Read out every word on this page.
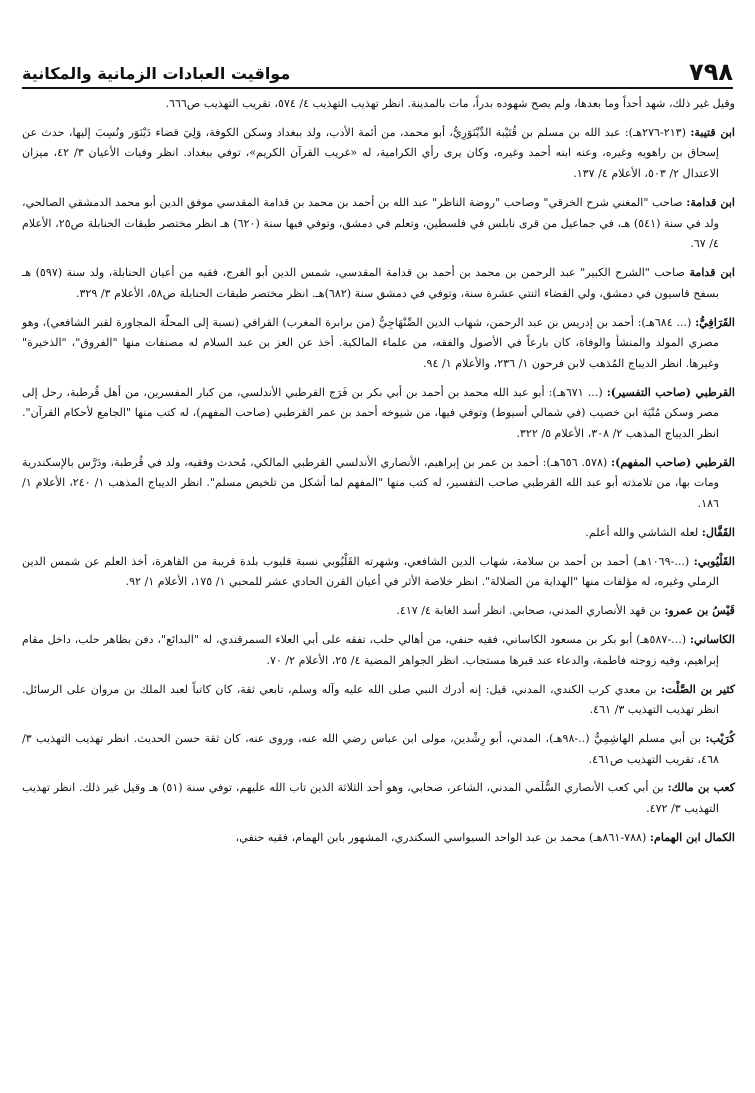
٧٩٨
مواقيت العبادات الزمانية والمكانية

وقيل غير ذلك، شهد أحداً وما بعدها، ولم يصح شهوده بدراً، مات بالمدينة. انظر تهذيب التهذيب ٤/ ٥٧٤، تقريب التهذيب ص٦٦٦.

ابن قتيبة: (٢١٣-٢٧٦هـ): عبد الله بن مسلم بن قُتَيْبة الدِّيْنَوَرِيُّ، أبو محمد، من أئمة الأدب، ولد ببغداد وسكن الكوفة، وَلِيَ قضاء دَيْنَوَر ونُسِبَ إليها، حدث عن إسحاق بن راهويه وغيره، وعنه ابنه أحمد وغيره، وكان يرى رأي الكرامية، له «غريب القرآن الكريم»، توفي ببغداد. انظر وفيات الأعيان ٣/ ٤٢، ميزان الاعتدال ٢/ ٥٠٣، الأعلام ٤/ ١٣٧.

ابن قدامة: صاحب "المغني شرح الخرقي" وصاحب "روضة الناظر" عبد الله بن أحمد بن محمد بن قدامة المقدسي موفق الدين أبو محمد الدمشقي الصالحي، ولد في سنة (٥٤١) هـ، في جماعيل من قرى نابلس في فلسطين، وتعلم في دمشق، وتوفي فيها سنة (٦٢٠) هـ انظر مختصر طبقات الحنابلة ص٢٥، الأعلام ٤/ ٦٧.

ابن قدامة صاحب "الشرح الكبير" عبد الرحمن بن محمد بن أحمد بن قدامة المقدسي، شمس الدين أبو الفرج، فقيه من أعيان الحنابلة، ولد سنة (٥٩٧) هـ بسفح قاسيون في دمشق، ولي القضاء اثنتي عشرة سنة، وتوفي في دمشق سنة (٦٨٢)هـ. انظر مختصر طبقات الحنابلة ص٥٨، الأعلام ٣/ ٣٢٩.

القَرَافِيُّ: (... ٦٨٤هـ): أحمد بن إدريس بن عبد الرحمن، شهاب الدين الصِّنْهَاجِيُّ (من برابرة المغرب) القرافي (نسبة إلى المحلّة المجاورة لقبر الشافعي)، وهو مصري المولد والمنشأ والوفاة، كان بارعاً في الأصول والفقه، من علماء المالكية. أخذ عن العز بن عبد السلام له مصنفات منها "الفروق"، "الذخيرة" وغيرها. انظر الديباج المُذهب لابن فرحون ١/ ٢٣٦، والأعلام ١/ ٩٤.

القرطبي (صاحب التفسير): (... ٦٧١هـ): أبو عبد الله محمد بن أحمد بن أبي بكر بن فَرَج القرطبي الأندلسي، من كبار المفسرين، من أهل قُرطبة، رحل إلى مصر وسكن مُنْيَة ابن خصيب (في شمالي أسيوط) وتوفي فيها، من شيوخه أحمد بن عمر القرطبي (صاحب المفهم)، له كتب منها "الجامع لأحكام القرآن". انظر الديباج المذهب ٢/ ٣٠٨، الأعلام ٥/ ٣٢٢.

القرطبي (صاحب المفهم): (٥٧٨. ٦٥٦هـ): أحمد بن عمر بن إبراهيم، الأنصاري الأندلسي القرطبي المالكي، مُحدث وفقيه، ولد في قُرطبة، ودَرَّس بالإسكندرية ومات بها، من تلامذته أبو عبد الله القرطبي صاحب التفسير، له كتب منها "المفهم لما أشكل من تلخيص مسلم". انظر الديباج المذهب ١/ ٢٤٠، الأعلام ١/ ١٨٦.

القَفَّال: لعله الشاشي والله أعلم.

القَلْيُوبي: (...-١٠٦٩هـ) أحمد بن أحمد بن سلامة، شهاب الدين الشافعي، وشهرته القَلْيُوبي نسبة قليوب بلدة قريبة من القاهرة، أخذ العلم عن شمس الدين الرملي وغيره، له مؤلفات منها "الهداية من الضلالة". انظر خلاصة الأثر في أعيان القرن الحادي عشر للمحبي ١/ ١٧٥، الأعلام ١/ ٩٢.

قَيْسُ بن عمرو: بن قهد الأنصاري المدني، صحابي. انظر أسد الغابة ٤/ ٤١٧.

الكاساني: (...-٥٨٧هـ) أبو بكر بن مسعود الكاساني، فقيه حنفي، من أهالي حلب، تفقه على أبي العلاء السمرقندي، له "البدائع"، دفن بظاهر حلب، داخل مقام إبراهيم، وفيه زوجته فاطمة، والدعاء عند قبرها مستجاب. انظر الجواهر المضية ٤/ ٢٥، الأعلام ٢/ ٧٠.

كثير بن الصَّلْت: بن معدي كرب الكندي، المدني، قيل: إنه أدرك النبي صلى الله عليه وآله وسلم، تابعي ثقة، كان كاتباً لعبد الملك بن مروان على الرسائل. انظر تهذيب التهذيب ٣/ ٤٦١.

كُرَيْب: بن أبي مسلم الهاشِمِيُّ (..-٩٨هـ)، المدني، أبو رِشْدين، مولى ابن عباس رضي الله عنه، وروى عنه، كان ثقة حسن الحديث. انظر تهذيب التهذيب ٣/ ٤٦٨، تقريب التهذيب ص٤٦١.

كعب بن مالك: بن أبي كعب الأنصاري السُّلَمي المدني، الشاعر، صحابي، وهو أحد الثلاثة الذين تاب الله عليهم، توفي سنة (٥١) هـ وقيل غير ذلك. انظر تهذيب التهذيب ٣/ ٤٧٢.

الكمال ابن الهمام: (٧٨٨-٨٦١هـ) محمد بن عبد الواحد السيواسي السكندري، المشهور بابن الهمام، فقيه حنفي،
